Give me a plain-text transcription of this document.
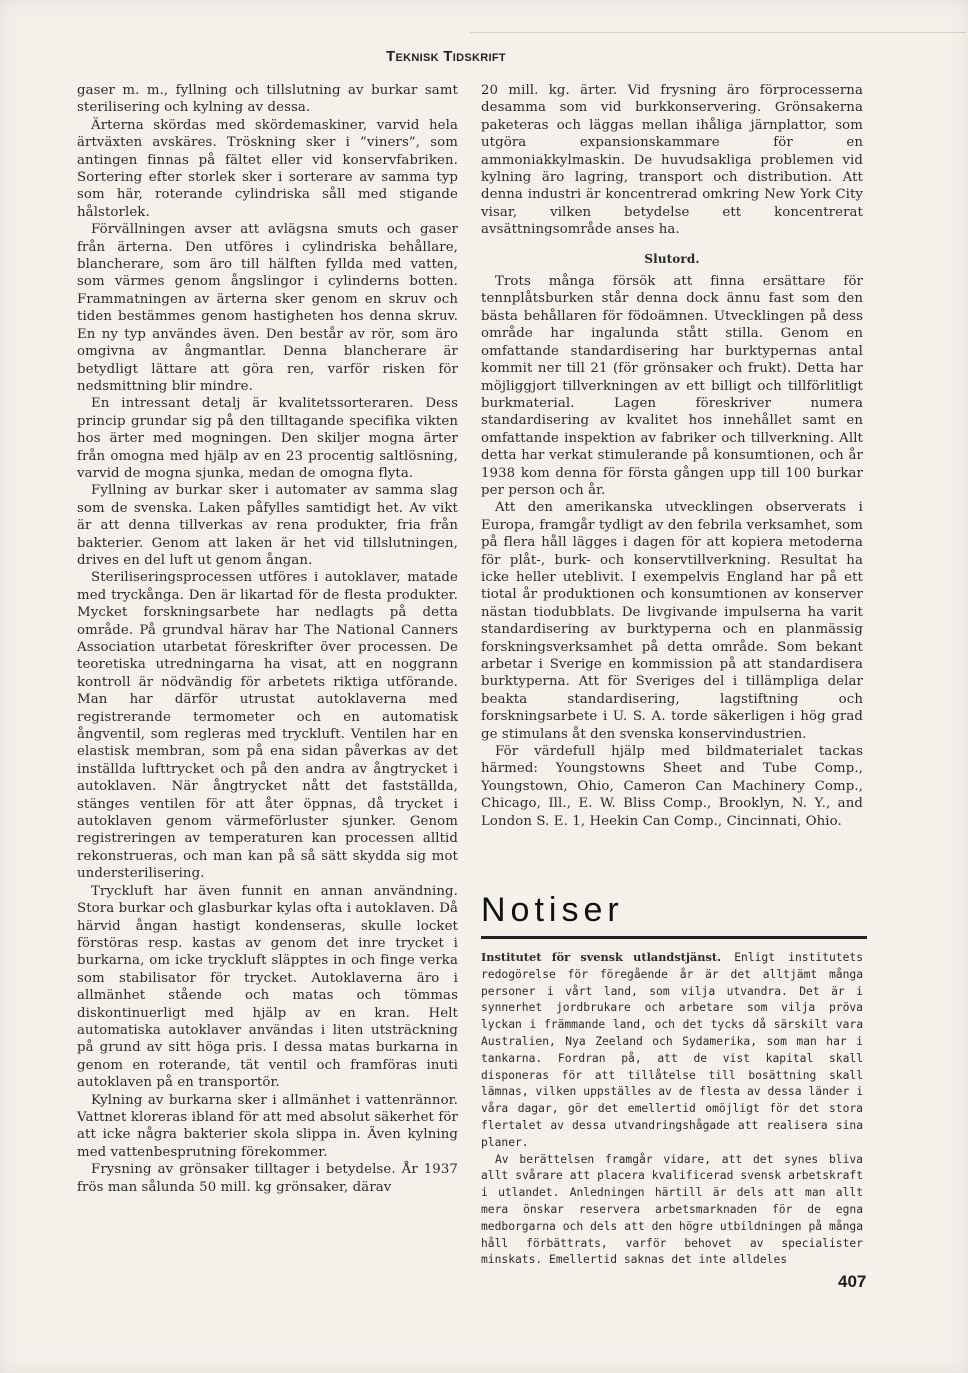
Teknisk Tidskrift

gaser m. m., fyllning och tillslutning av burkar samt sterilisering och kylning av dessa.

Ärterna skördas med skördemaskiner, varvid hela ärtväxten avskäres. Tröskning sker i ”viners”, som antingen finnas på fältet eller vid konservfabriken. Sortering efter storlek sker i sorterare av samma typ som här, roterande cylindriska såll med stigande hålstorlek.

Förvällningen avser att avlägsna smuts och gaser från ärterna. Den utföres i cylindriska behållare, blancherare, som äro till hälften fyllda med vatten, som värmes genom ångslingor i cylinderns botten. Frammatningen av ärterna sker genom en skruv och tiden bestämmes genom hastigheten hos denna skruv. En ny typ användes även. Den består av rör, som äro omgivna av ångmantlar. Denna blancherare är betydligt lättare att göra ren, varför risken för nedsmittning blir mindre.

En intressant detalj är kvalitetssorteraren. Dess princip grundar sig på den tilltagande specifika vikten hos ärter med mogningen. Den skiljer mogna ärter från omogna med hjälp av en 23 procentig saltlösning, varvid de mogna sjunka, medan de omogna flyta.

Fyllning av burkar sker i automater av samma slag som de svenska. Laken påfylles samtidigt het. Av vikt är att denna tillverkas av rena produkter, fria från bakterier. Genom att laken är het vid tillslutningen, drives en del luft ut genom ångan.

Steriliseringsprocessen utföres i autoklaver, matade med tryckånga. Den är likartad för de flesta produkter. Mycket forskningsarbete har nedlagts på detta område. På grundval härav har The National Canners Association utarbetat föreskrifter över processen. De teoretiska utredningarna ha visat, att en noggrann kontroll är nödvändig för arbetets riktiga utförande. Man har därför utrustat autoklaverna med registrerande termometer och en automatisk ångventil, som regleras med tryckluft. Ventilen har en elastisk membran, som på ena sidan påverkas av det inställda lufttrycket och på den andra av ångtrycket i autoklaven. När ångtrycket nått det fastställda, stänges ventilen för att åter öppnas, då trycket i autoklaven genom värmeförluster sjunker. Genom registreringen av temperaturen kan processen alltid rekonstrueras, och man kan på så sätt skydda sig mot understerilisering.

Tryckluft har även funnit en annan användning. Stora burkar och glasburkar kylas ofta i autoklaven. Då härvid ångan hastigt kondenseras, skulle locket förstöras resp. kastas av genom det inre trycket i burkarna, om icke tryckluft släpptes in och finge verka som stabilisator för trycket. Autoklaverna äro i allmänhet stående och matas och tömmas diskontinuerligt med hjälp av en kran. Helt automatiska autoklaver användas i liten utsträckning på grund av sitt höga pris. I dessa matas burkarna in genom en roterande, tät ventil och framföras inuti autoklaven på en transportör.

Kylning av burkarna sker i allmänhet i vattenrännor. Vattnet kloreras ibland för att med absolut säkerhet för att icke några bakterier skola slippa in. Även kylning med vattenbesprutning förekommer.

Frysning av grönsaker tilltager i betydelse. År 1937 frös man sålunda 50 mill. kg grönsaker, därav

20 mill. kg. ärter. Vid frysning äro förprocesserna desamma som vid burkkonservering. Grönsakerna paketeras och läggas mellan ihåliga järnplattor, som utgöra expansionskammare för en ammoniakkylmaskin. De huvudsakliga problemen vid kylning äro lagring, transport och distribution. Att denna industri är koncentrerad omkring New York City visar, vilken betydelse ett koncentrerat avsättningsområde anses ha.

Slutord.

Trots många försök att finna ersättare för tennplåtsburken står denna dock ännu fast som den bästa behållaren för födoämnen. Utvecklingen på dess område har ingalunda stått stilla. Genom en omfattande standardisering har burktypernas antal kommit ner till 21 (för grönsaker och frukt). Detta har möjliggjort tillverkningen av ett billigt och tillförlitligt burkmaterial. Lagen föreskriver numera standardisering av kvalitet hos innehållet samt en omfattande inspektion av fabriker och tillverkning. Allt detta har verkat stimulerande på konsumtionen, och år 1938 kom denna för första gången upp till 100 burkar per person och år.

Att den amerikanska utvecklingen observerats i Europa, framgår tydligt av den febrila verksamhet, som på flera håll lägges i dagen för att kopiera metoderna för plåt-, burk- och konservtillverkning. Resultat ha icke heller uteblivit. I exempelvis England har på ett tiotal år produktionen och konsumtionen av konserver nästan tiodubblats. De livgivande impulserna ha varit standardisering av burktyperna och en planmässig forskningsverksamhet på detta område. Som bekant arbetar i Sverige en kommission på att standardisera burktyperna. Att för Sveriges del i tillämpliga delar beakta standardisering, lagstiftning och forskningsarbete i U. S. A. torde säkerligen i hög grad ge stimulans åt den svenska konservindustrien.

För värdefull hjälp med bildmaterialet tackas härmed: Youngstowns Sheet and Tube Comp., Youngstown, Ohio, Cameron Can Machinery Comp., Chicago, Ill., E. W. Bliss Comp., Brooklyn, N. Y., and London S. E. 1, Heekin Can Comp., Cincinnati, Ohio.

Notiser

Institutet för svensk utlandstjänst. Enligt institutets redogörelse för föregående år är det alltjämt många personer i vårt land, som vilja utvandra. Det är i synnerhet jordbrukare och arbetare som vilja pröva lyckan i främmande land, och det tycks då särskilt vara Australien, Nya Zeeland och Sydamerika, som man har i tankarna. Fordran på, att de vist kapital skall disponeras för att tillåtelse till bosättning skall lämnas, vilken uppställes av de flesta av dessa länder i våra dagar, gör det emellertid omöjligt för det stora flertalet av dessa utvandringshågade att realisera sina planer.

Av berättelsen framgår vidare, att det synes bliva allt svårare att placera kvalificerad svensk arbetskraft i utlandet. Anledningen härtill är dels att man allt mera önskar reservera arbetsmarknaden för de egna medborgarna och dels att den högre utbildningen på många håll förbättrats, varför behovet av specialister minskats. Emellertid saknas det inte alldeles

407
